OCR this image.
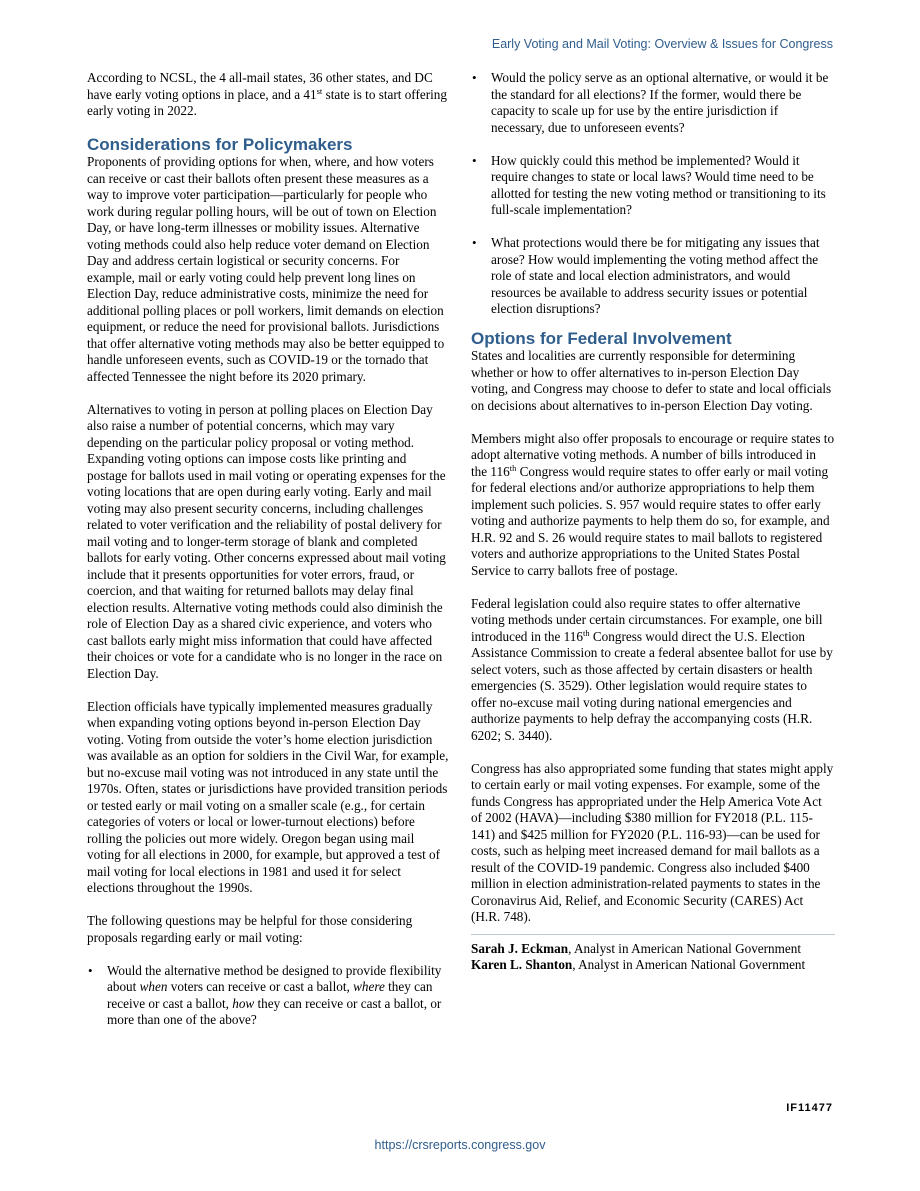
Early Voting and Mail Voting: Overview & Issues for Congress

According to NCSL, the 4 all-mail states, 36 other states, and DC have early voting options in place, and a 41st state is to start offering early voting in 2022.

Considerations for Policymakers

Proponents of providing options for when, where, and how voters can receive or cast their ballots often present these measures as a way to improve voter participation—particularly for people who work during regular polling hours, will be out of town on Election Day, or have long-term illnesses or mobility issues. Alternative voting methods could also help reduce voter demand on Election Day and address certain logistical or security concerns. For example, mail or early voting could help prevent long lines on Election Day, reduce administrative costs, minimize the need for additional polling places or poll workers, limit demands on election equipment, or reduce the need for provisional ballots. Jurisdictions that offer alternative voting methods may also be better equipped to handle unforeseen events, such as COVID-19 or the tornado that affected Tennessee the night before its 2020 primary.

Alternatives to voting in person at polling places on Election Day also raise a number of potential concerns, which may vary depending on the particular policy proposal or voting method. Expanding voting options can impose costs like printing and postage for ballots used in mail voting or operating expenses for the voting locations that are open during early voting. Early and mail voting may also present security concerns, including challenges related to voter verification and the reliability of postal delivery for mail voting and to longer-term storage of blank and completed ballots for early voting. Other concerns expressed about mail voting include that it presents opportunities for voter errors, fraud, or coercion, and that waiting for returned ballots may delay final election results. Alternative voting methods could also diminish the role of Election Day as a shared civic experience, and voters who cast ballots early might miss information that could have affected their choices or vote for a candidate who is no longer in the race on Election Day.

Election officials have typically implemented measures gradually when expanding voting options beyond in-person Election Day voting. Voting from outside the voter’s home election jurisdiction was available as an option for soldiers in the Civil War, for example, but no-excuse mail voting was not introduced in any state until the 1970s. Often, states or jurisdictions have provided transition periods or tested early or mail voting on a smaller scale (e.g., for certain categories of voters or local or lower-turnout elections) before rolling the policies out more widely. Oregon began using mail voting for all elections in 2000, for example, but approved a test of mail voting for local elections in 1981 and used it for select elections throughout the 1990s.

The following questions may be helpful for those considering proposals regarding early or mail voting:

• Would the alternative method be designed to provide flexibility about when voters can receive or cast a ballot, where they can receive or cast a ballot, how they can receive or cast a ballot, or more than one of the above?
• Would the policy serve as an optional alternative, or would it be the standard for all elections? If the former, would there be capacity to scale up for use by the entire jurisdiction if necessary, due to unforeseen events?
• How quickly could this method be implemented? Would it require changes to state or local laws? Would time need to be allotted for testing the new voting method or transitioning to its full-scale implementation?
• What protections would there be for mitigating any issues that arose? How would implementing the voting method affect the role of state and local election administrators, and would resources be available to address security issues or potential election disruptions?
Options for Federal Involvement

States and localities are currently responsible for determining whether or how to offer alternatives to in-person Election Day voting, and Congress may choose to defer to state and local officials on decisions about alternatives to in-person Election Day voting.

Members might also offer proposals to encourage or require states to adopt alternative voting methods. A number of bills introduced in the 116th Congress would require states to offer early or mail voting for federal elections and/or authorize appropriations to help them implement such policies. S. 957 would require states to offer early voting and authorize payments to help them do so, for example, and H.R. 92 and S. 26 would require states to mail ballots to registered voters and authorize appropriations to the United States Postal Service to carry ballots free of postage.

Federal legislation could also require states to offer alternative voting methods under certain circumstances. For example, one bill introduced in the 116th Congress would direct the U.S. Election Assistance Commission to create a federal absentee ballot for use by select voters, such as those affected by certain disasters or health emergencies (S. 3529). Other legislation would require states to offer no-excuse mail voting during national emergencies and authorize payments to help defray the accompanying costs (H.R. 6202; S. 3440).

Congress has also appropriated some funding that states might apply to certain early or mail voting expenses. For example, some of the funds Congress has appropriated under the Help America Vote Act of 2002 (HAVA)—including $380 million for FY2018 (P.L. 115-141) and $425 million for FY2020 (P.L. 116-93)—can be used for costs, such as helping meet increased demand for mail ballots as a result of the COVID-19 pandemic. Congress also included $400 million in election administration-related payments to states in the Coronavirus Aid, Relief, and Economic Security (CARES) Act (H.R. 748).

Sarah J. Eckman, Analyst in American National Government

Karen L. Shanton, Analyst in American National Government

IF11477
https://crsreports.congress.gov
